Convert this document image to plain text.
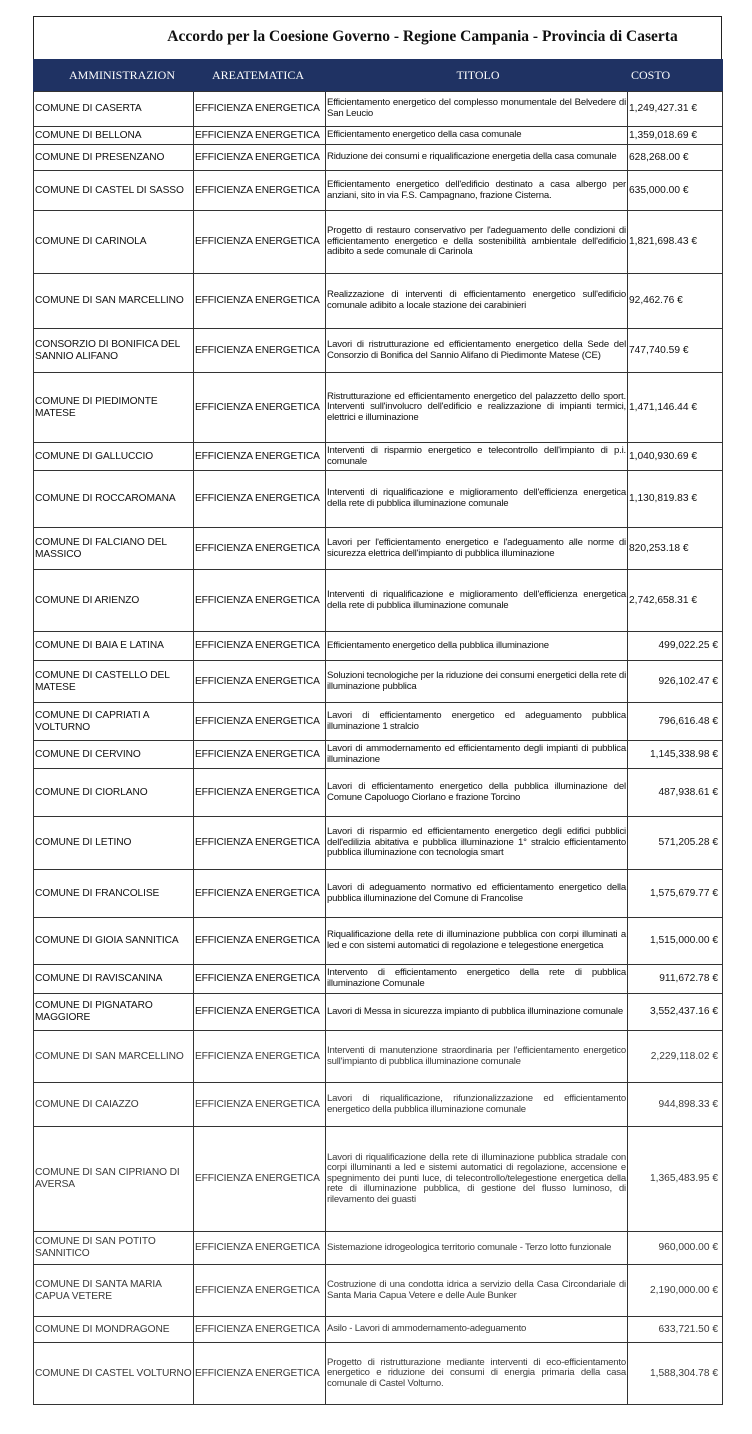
Accordo per la Coesione Governo - Regione Campania - Provincia di Caserta
AMMINISTRAZION	AREATEMATICA	TITOLO	COSTO
COMUNE DI CASERTA	EFFICIENZA ENERGETICA	Efficientamento energetico del complesso monumentale del Belvedere di San Leucio	1,249,427.31 €
COMUNE DI BELLONA	EFFICIENZA ENERGETICA	Efficientamento energetico della casa comunale	1,359,018.69 €
COMUNE DI PRESENZANO	EFFICIENZA ENERGETICA	Riduzione dei consumi e riqualificazione energetia della casa comunale	628,268.00 €
COMUNE DI CASTEL DI SASSO	EFFICIENZA ENERGETICA	Efficientamento energetico dell'edificio destinato a casa albergo per anziani, sito in via F.S. Campagnano, frazione Cisterna.	635,000.00 €
COMUNE DI CARINOLA	EFFICIENZA ENERGETICA	Progetto di restauro conservativo per l'adeguamento delle condizioni di efficientamento energetico e della sostenibilità ambientale dell'edificio adibito a sede comunale di Carinola	1,821,698.43 €
COMUNE DI SAN MARCELLINO	EFFICIENZA ENERGETICA	Realizzazione di interventi di efficientamento energetico sull'edificio comunale adibito a locale stazione dei carabinieri	92,462.76 €
CONSORZIO DI BONIFICA DEL SANNIO ALIFANO	EFFICIENZA ENERGETICA	Lavori di ristrutturazione ed efficientamento energetico della Sede del Consorzio di Bonifica del Sannio Alifano di Piedimonte Matese (CE)	747,740.59 €
COMUNE DI PIEDIMONTE MATESE	EFFICIENZA ENERGETICA	Ristrutturazione ed efficientamento energetico del palazzetto dello sport. Interventi sull'involucro dell'edificio e realizzazione di impianti termici, elettrici e illuminazione	1,471,146.44 €
COMUNE DI GALLUCCIO	EFFICIENZA ENERGETICA	Interventi di risparmio energetico e telecontrollo dell'impianto di p.i. comunale	1,040,930.69 €
COMUNE DI ROCCAROMANA	EFFICIENZA ENERGETICA	Interventi di riqualificazione e miglioramento dell'efficienza energetica della rete di pubblica illuminazione comunale	1,130,819.83 €
COMUNE DI FALCIANO DEL MASSICO	EFFICIENZA ENERGETICA	Lavori per l'efficientamento energetico e l'adeguamento alle norme di sicurezza elettrica dell'impianto di pubblica illuminazione	820,253.18 €
COMUNE DI ARIENZO	EFFICIENZA ENERGETICA	Interventi di riqualificazione e miglioramento dell'efficienza energetica della rete di pubblica illuminazione comunale	2,742,658.31 €
COMUNE DI BAIA E LATINA	EFFICIENZA ENERGETICA	Efficientamento energetico della pubblica illuminazione	499,022.25 €
COMUNE DI CASTELLO DEL MATESE	EFFICIENZA ENERGETICA	Soluzioni tecnologiche per la riduzione dei consumi energetici della rete di illuminazione pubblica	926,102.47 €
COMUNE DI CAPRIATI A VOLTURNO	EFFICIENZA ENERGETICA	Lavori di efficientamento energetico ed adeguamento pubblica illuminazione 1 stralcio	796,616.48 €
COMUNE DI CERVINO	EFFICIENZA ENERGETICA	Lavori di ammodernamento ed efficientamento degli impianti di pubblica illuminazione	1,145,338.98 €
COMUNE DI CIORLANO	EFFICIENZA ENERGETICA	Lavori di efficientamento energetico della pubblica illuminazione del Comune Capoluogo Ciorlano e frazione Torcino	487,938.61 €
COMUNE DI LETINO	EFFICIENZA ENERGETICA	Lavori di risparmio ed efficientamento energetico degli edifici pubblici dell'edilizia abitativa e pubblica illuminazione 1° stralcio efficientamento pubblica illuminazione con tecnologia smart	571,205.28 €
COMUNE DI FRANCOLISE	EFFICIENZA ENERGETICA	Lavori di adeguamento normativo ed efficientamento energetico della pubblica illuminazione del Comune di Francolise	1,575,679.77 €
COMUNE DI GIOIA SANNITICA	EFFICIENZA ENERGETICA	Riqualificazione della rete di illuminazione pubblica con corpi illuminati a led e con sistemi automatici di regolazione e telegestione energetica	1,515,000.00 €
COMUNE DI RAVISCANINA	EFFICIENZA ENERGETICA	Intervento di efficientamento energetico della rete di pubblica illuminazione Comunale	911,672.78 €
COMUNE DI PIGNATARO MAGGIORE	EFFICIENZA ENERGETICA	Lavori di Messa in sicurezza impianto di pubblica illuminazione comunale	3,552,437.16 €
COMUNE DI SAN MARCELLINO	EFFICIENZA ENERGETICA	Interventi di manutenzione straordinaria per l'efficientamento energetico sull'impianto di pubblica illuminazione comunale	2,229,118.02 €
COMUNE DI CAIAZZO	EFFICIENZA ENERGETICA	Lavori di riqualificazione, rifunzionalizzazione ed efficientamento energetico della pubblica illuminazione comunale	944,898.33 €
COMUNE DI SAN CIPRIANO DI AVERSA	EFFICIENZA ENERGETICA	Lavori di riqualificazione della rete di illuminazione pubblica stradale con corpi illuminanti a led e sistemi automatici di regolazione, accensione e spegnimento dei punti luce, di telecontrollo/telegestione energetica della rete di illuminazione pubblica, di gestione del flusso luminoso, di rilevamento dei guasti	1,365,483.95 €
COMUNE DI SAN POTITO SANNITICO	EFFICIENZA ENERGETICA	Sistemazione idrogeologica territorio comunale - Terzo lotto funzionale	960,000.00 €
COMUNE DI SANTA MARIA CAPUA VETERE	EFFICIENZA ENERGETICA	Costruzione di una condotta idrica a servizio della Casa Circondariale di Santa Maria Capua Vetere e delle Aule Bunker	2,190,000.00 €
COMUNE DI MONDRAGONE	EFFICIENZA ENERGETICA	Asilo - Lavori di ammodernamento-adeguamento	633,721.50 €
COMUNE DI CASTEL VOLTURNO	EFFICIENZA ENERGETICA	Progetto di ristrutturazione mediante interventi di eco-efficientamento energetico e riduzione dei consumi di energia primaria della casa comunale di Castel Volturno.	1,588,304.78 €
